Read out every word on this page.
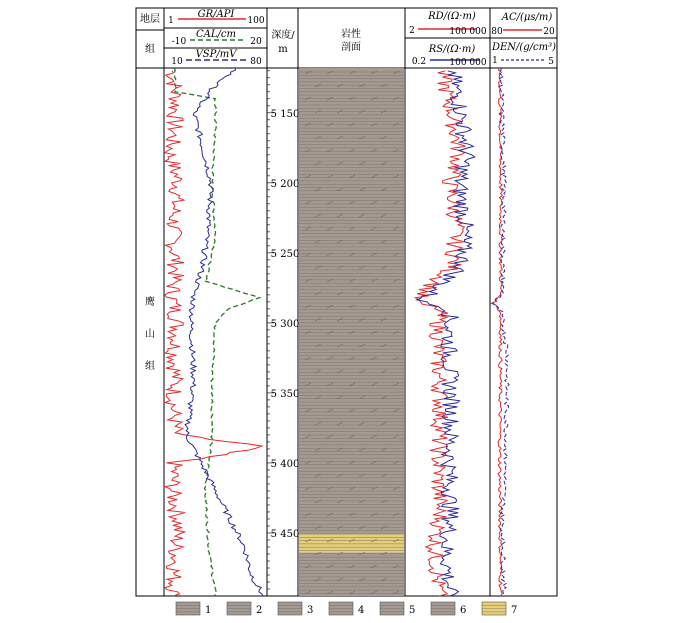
地层
组
1
GR/API
100
-10
CAL/cm
20
10
VSP/mV
80
深度/
m
岩性
剖面
RD/(Ω·m)
2	100 000
RS/(Ω·m)
0.2	100 000
AC/(μs/m)
80	20
DEN/(g/cm³)
1	5
鹰
山
组
5 150
5 200
5 250
5 300
5 350
5 400
5 450
1	2	3	4	5	6	7
